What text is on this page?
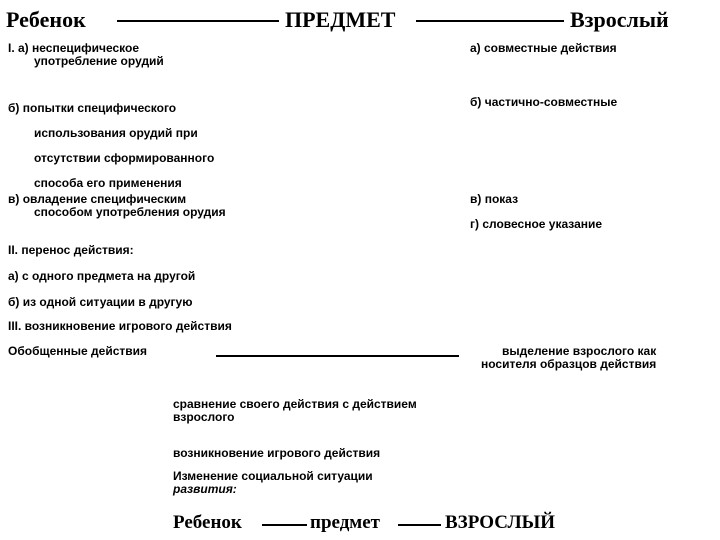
Ребенок	ПРЕДМЕТ	Взрослый
I. а) неспецифическое
употребление орудий
а) совместные действия
б) попытки специфического
использования орудий при
отсутствии сформированного
способа его применения
б) частично-совместные
в) овладение специфическим
способом употребления орудия
в) показ
г) словесное указание
II. перенос действия:
а) с одного предмета на другой
б) из одной ситуации в другую
III. возникновение игрового действия
Обобщенные действия	выделение взрослого как
носителя образцов действия
сравнение своего действия с действием
взрослого
возникновение игрового действия
Изменение социальной ситуации
развития:
Ребенок	предмет	ВЗРОСЛЫЙ
